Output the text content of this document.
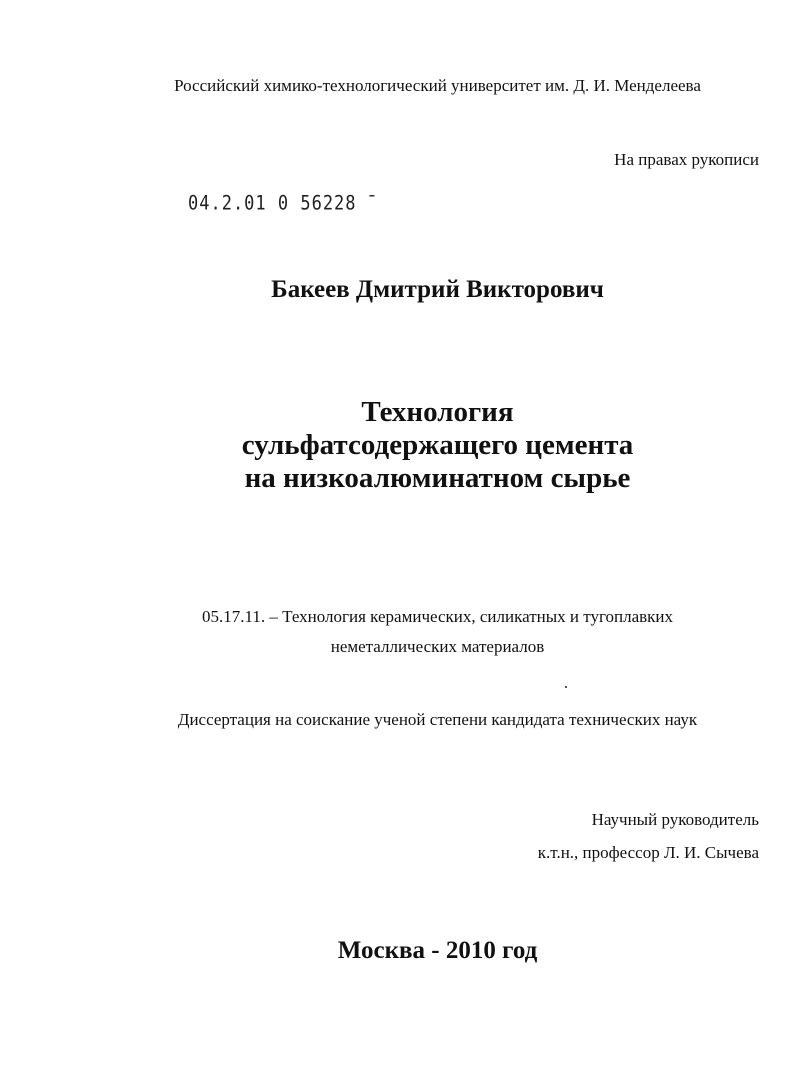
Российский химико-технологический университет им. Д. И. Менделеева
На правах рукописи
04.2.01 0 56228 ̄
Бакеев Дмитрий Викторович
Технология
сульфатсодержащего цемента
на низкоалюминатном сырье
05.17.11. – Технология керамических, силикатных и тугоплавких
неметаллических материалов
Диссертация на соискание ученой степени кандидата технических наук
Научный руководитель
к.т.н., профессор Л. И. Сычева
Москва - 2010 год
